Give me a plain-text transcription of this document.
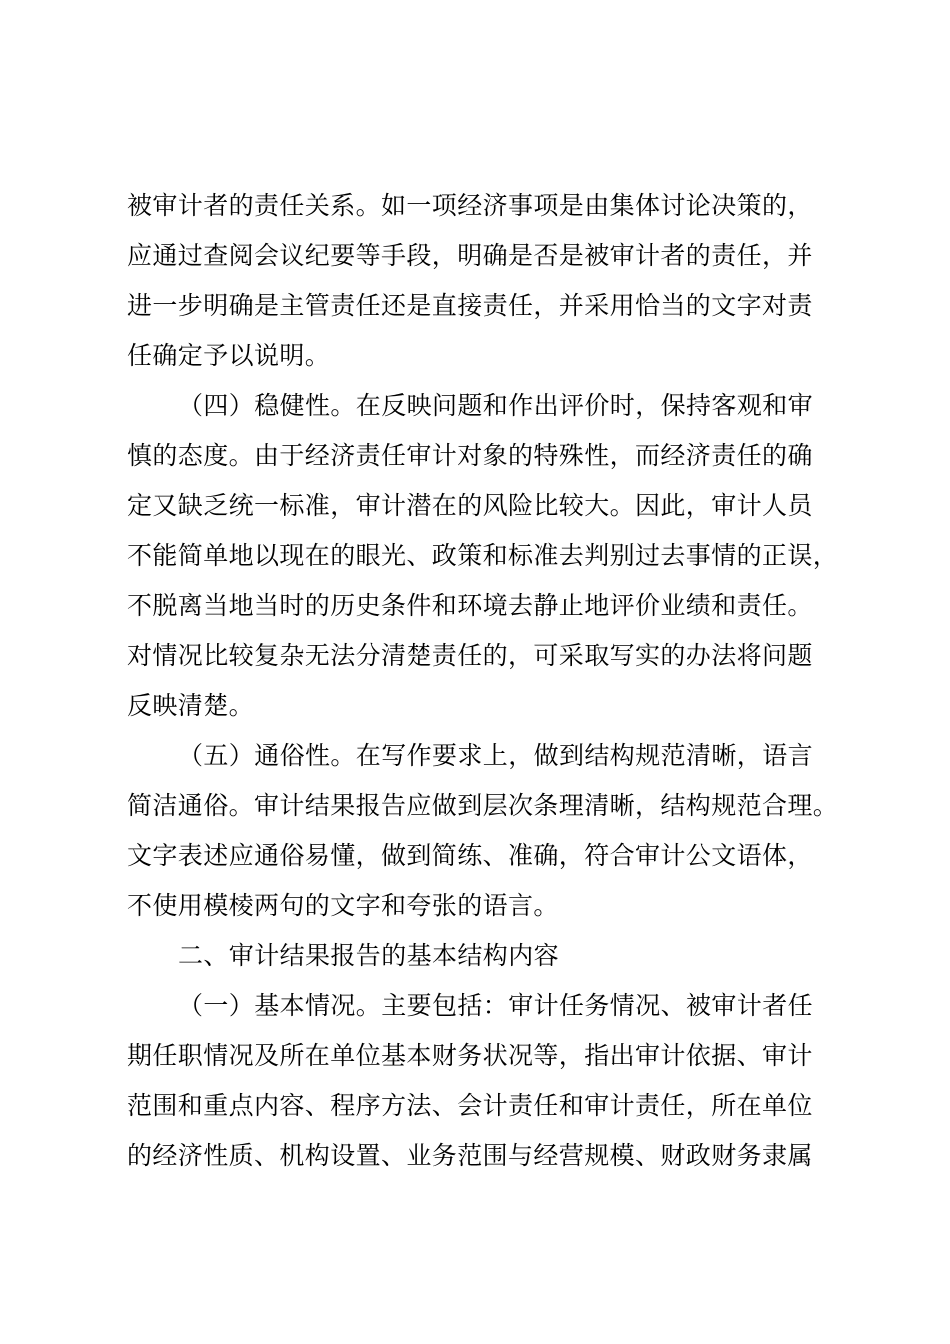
被审计者的责任关系。如一项经济事项是由集体讨论决策的，
应通过查阅会议纪要等手段，明确是否是被审计者的责任，并
进一步明确是主管责任还是直接责任，并采用恰当的文字对责
任确定予以说明。
（四）稳健性。在反映问题和作出评价时，保持客观和审
慎的态度。由于经济责任审计对象的特殊性，而经济责任的确
定又缺乏统一标准，审计潜在的风险比较大。因此，审计人员
不能简单地以现在的眼光、政策和标准去判别过去事情的正误，
不脱离当地当时的历史条件和环境去静止地评价业绩和责任。
对情况比较复杂无法分清楚责任的，可采取写实的办法将问题
反映清楚。
（五）通俗性。在写作要求上，做到结构规范清晰，语言
简洁通俗。审计结果报告应做到层次条理清晰，结构规范合理。
文字表述应通俗易懂，做到简练、准确，符合审计公文语体，
不使用模棱两句的文字和夸张的语言。
二、审计结果报告的基本结构内容
（一）基本情况。主要包括：审计任务情况、被审计者任
期任职情况及所在单位基本财务状况等，指出审计依据、审计
范围和重点内容、程序方法、会计责任和审计责任，所在单位
的经济性质、机构设置、业务范围与经营规模、财政财务隶属
